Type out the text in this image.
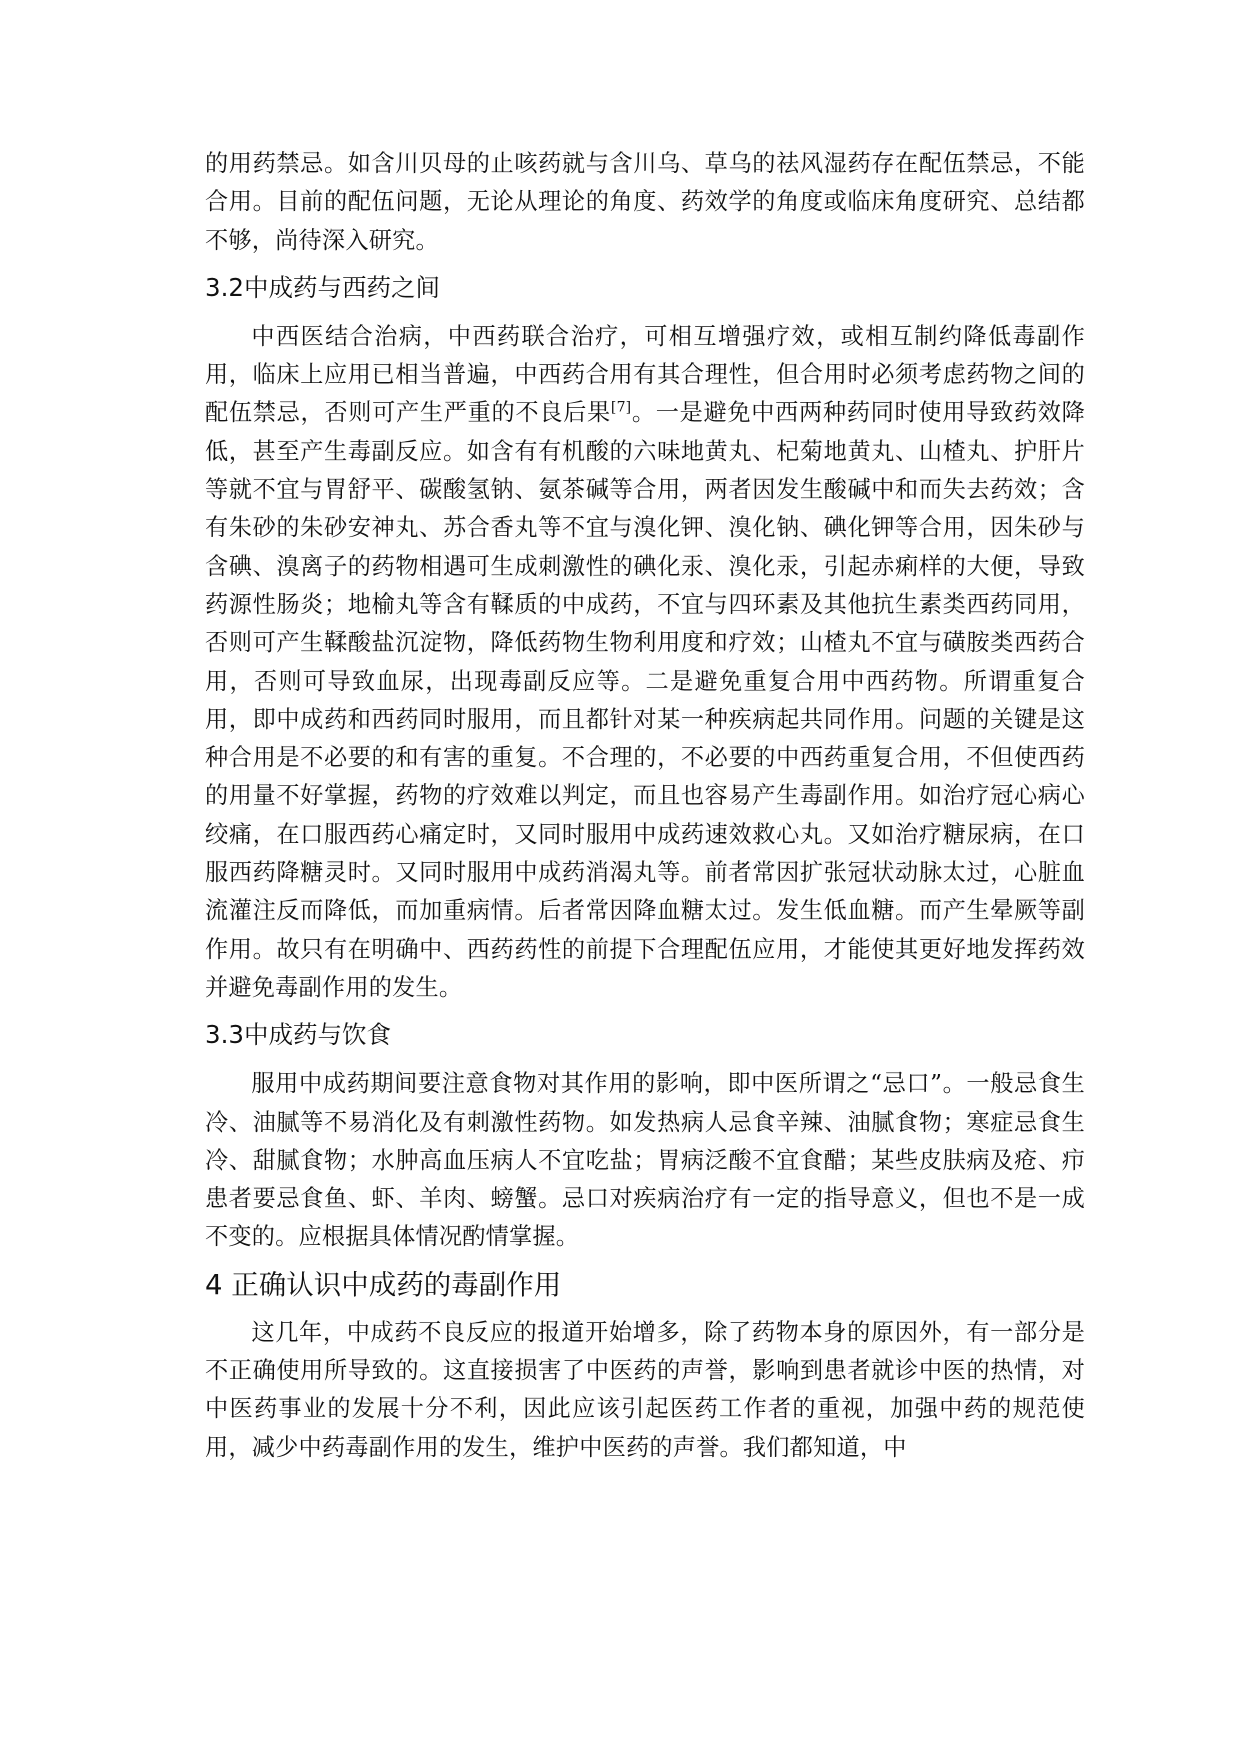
的用药禁忌。如含川贝母的止咳药就与含川乌、草乌的祛风湿药存在配伍禁忌，不能合用。目前的配伍问题，无论从理论的角度、药效学的角度或临床角度研究、总结都不够，尚待深入研究。

3.2中成药与西药之间

中西医结合治病，中西药联合治疗，可相互增强疗效，或相互制约降低毒副作用，临床上应用已相当普遍，中西药合用有其合理性，但合用时必须考虑药物之间的配伍禁忌，否则可产生严重的不良后果[7]。一是避免中西两种药同时使用导致药效降低，甚至产生毒副反应。如含有有机酸的六味地黄丸、杞菊地黄丸、山楂丸、护肝片等就不宜与胃舒平、碳酸氢钠、氨茶碱等合用，两者因发生酸碱中和而失去药效；含有朱砂的朱砂安神丸、苏合香丸等不宜与溴化钾、溴化钠、碘化钾等合用，因朱砂与含碘、溴离子的药物相遇可生成刺激性的碘化汞、溴化汞，引起赤痢样的大便，导致药源性肠炎；地榆丸等含有鞣质的中成药，不宜与四环素及其他抗生素类西药同用，否则可产生鞣酸盐沉淀物，降低药物生物利用度和疗效；山楂丸不宜与磺胺类西药合用，否则可导致血尿，出现毒副反应等。二是避免重复合用中西药物。所谓重复合用，即中成药和西药同时服用，而且都针对某一种疾病起共同作用。问题的关键是这种合用是不必要的和有害的重复。不合理的，不必要的中西药重复合用，不但使西药的用量不好掌握，药物的疗效难以判定，而且也容易产生毒副作用。如治疗冠心病心绞痛，在口服西药心痛定时，又同时服用中成药速效救心丸。又如治疗糖尿病，在口服西药降糖灵时。又同时服用中成药消渴丸等。前者常因扩张冠状动脉太过，心脏血流灌注反而降低，而加重病情。后者常因降血糖太过。发生低血糖。而产生晕厥等副作用。故只有在明确中、西药药性的前提下合理配伍应用，才能使其更好地发挥药效并避免毒副作用的发生。

3.3中成药与饮食

服用中成药期间要注意食物对其作用的影响，即中医所谓之“忌口”。一般忌食生冷、油腻等不易消化及有刺激性药物。如发热病人忌食辛辣、油腻食物；寒症忌食生冷、甜腻食物；水肿高血压病人不宜吃盐；胃病泛酸不宜食醋；某些皮肤病及疮、疖患者要忌食鱼、虾、羊肉、螃蟹。忌口对疾病治疗有一定的指导意义，但也不是一成不变的。应根据具体情况酌情掌握。

4 正确认识中成药的毒副作用

这几年，中成药不良反应的报道开始增多，除了药物本身的原因外，有一部分是不正确使用所导致的。这直接损害了中医药的声誉，影响到患者就诊中医的热情，对中医药事业的发展十分不利，因此应该引起医药工作者的重视，加强中药的规范使用，减少中药毒副作用的发生，维护中医药的声誉。我们都知道，中
